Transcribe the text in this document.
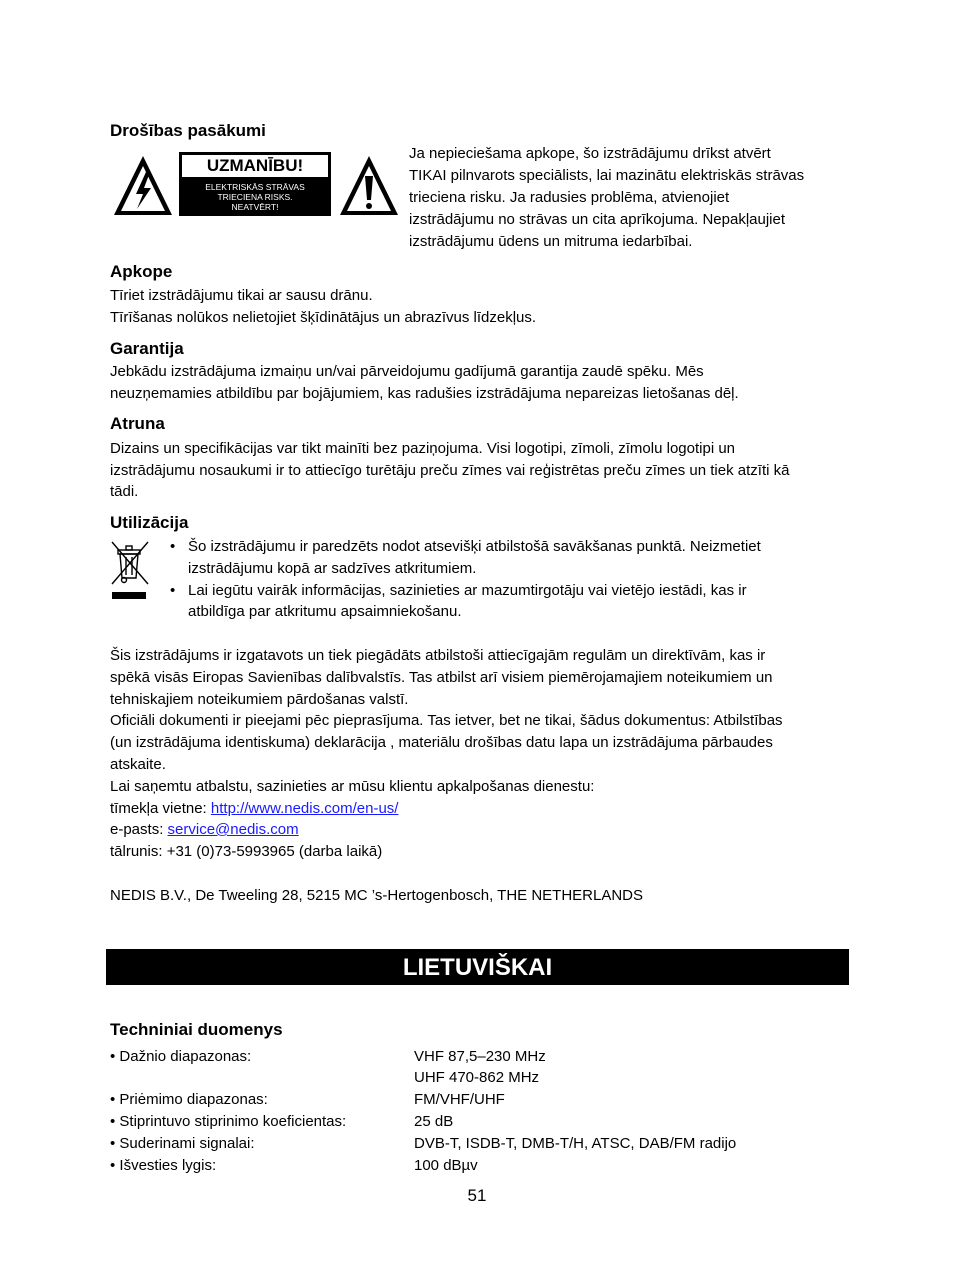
Drošības pasākumi
UZMANĪBU!
ELEKTRISKĀS STRĀVAS
TRIECIENA RISKS.
NEATVĒRT!
Ja nepieciešama apkope, šo izstrādājumu drīkst atvērt
TIKAI pilnvarots speciālists, lai mazinātu elektriskās strāvas
trieciena risku. Ja radusies problēma, atvienojiet
izstrādājumu no strāvas un cita aprīkojuma. Nepakļaujiet
izstrādājumu ūdens un mitruma iedarbībai.
Apkope
Tīriet izstrādājumu tikai ar sausu drānu.
Tīrīšanas nolūkos nelietojiet šķīdinātājus un abrazīvus līdzekļus.
Garantija
Jebkādu izstrādājuma izmaiņu un/vai pārveidojumu gadījumā garantija zaudē spēku. Mēs
neuzņemamies atbildību par bojājumiem, kas radušies izstrādājuma nepareizas lietošanas dēļ.
Atruna
Dizains un specifikācijas var tikt mainīti bez paziņojuma. Visi logotipi, zīmoli, zīmolu logotipi un
izstrādājumu nosaukumi ir to attiecīgo turētāju preču zīmes vai reģistrētas preču zīmes un tiek atzīti kā
tādi.
Utilizācija
• Šo izstrādājumu ir paredzēts nodot atsevišķi atbilstošā savākšanas punktā. Neizmetiet
izstrādājumu kopā ar sadzīves atkritumiem.
• Lai iegūtu vairāk informācijas, sazinieties ar mazumtirgotāju vai vietējo iestādi, kas ir
atbildīga par atkritumu apsaimniekošanu.
Šis izstrādājums ir izgatavots un tiek piegādāts atbilstoši attiecīgajām regulām un direktīvām, kas ir
spēkā visās Eiropas Savienības dalībvalstīs. Tas atbilst arī visiem piemērojamajiem noteikumiem un
tehniskajiem noteikumiem pārdošanas valstī.
Oficiāli dokumenti ir pieejami pēc pieprasījuma. Tas ietver, bet ne tikai, šādus dokumentus: Atbilstības
(un izstrādājuma identiskuma) deklarācija , materiālu drošības datu lapa un izstrādājuma pārbaudes
atskaite.
Lai saņemtu atbalstu, sazinieties ar mūsu klientu apkalpošanas dienestu:
tīmekļa vietne: http://www.nedis.com/en-us/
e-pasts: service@nedis.com
tālrunis: +31 (0)73-5993965 (darba laikā)
NEDIS B.V., De Tweeling 28, 5215 MC ’s-Hertogenbosch, THE NETHERLANDS
LIETUVIŠKAI
Techniniai duomenys
• Dažnio diapazonas:	VHF 87,5–230 MHz
UHF 470-862 MHz
• Priėmimo diapazonas:	FM/VHF/UHF
• Stiprintuvo stiprinimo koeficientas:	25 dB
• Suderinami signalai:	DVB-T, ISDB-T, DMB-T/H, ATSC, DAB/FM radijo
• Išvesties lygis:	100 dBµv
51
